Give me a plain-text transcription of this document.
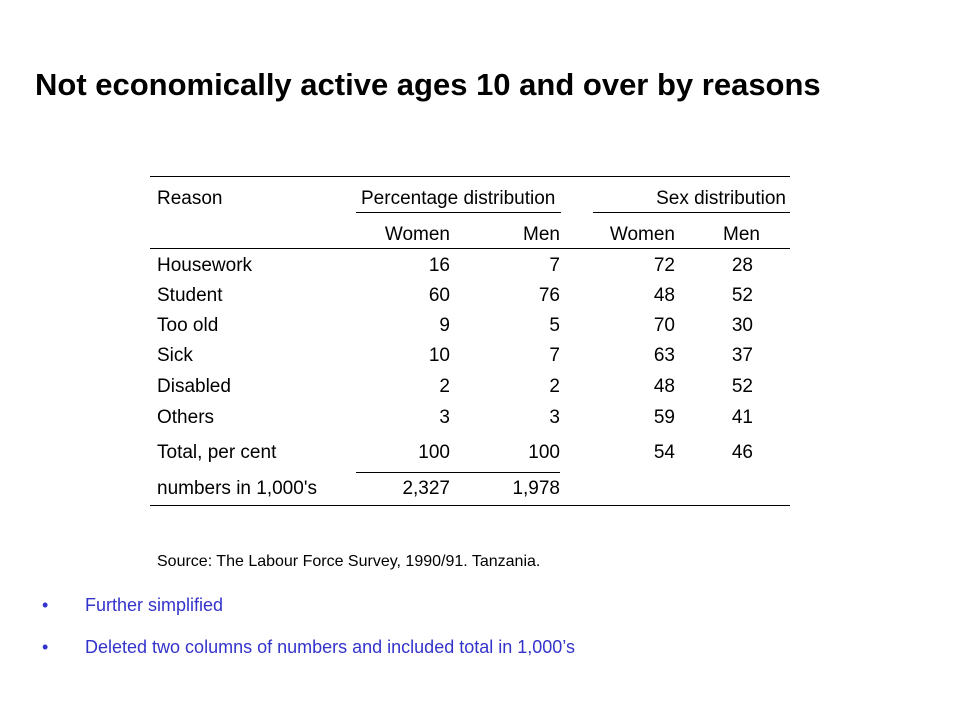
Not economically active ages 10 and over by reasons
Reason	Percentage distribution	Sex distribution
Women	Men	Women	Men
Housework	16	7	72	28
Student	60	76	48	52
Too old	9	5	70	30
Sick	10	7	63	37
Disabled	2	2	48	52
Others	3	3	59	41
Total, per cent	100	100	54	46
numbers in 1,000's	2,327	1,978
Source: The Labour Force Survey, 1990/91. Tanzania.
• Further simplified
• Deleted two columns of numbers and included total in 1,000’s
